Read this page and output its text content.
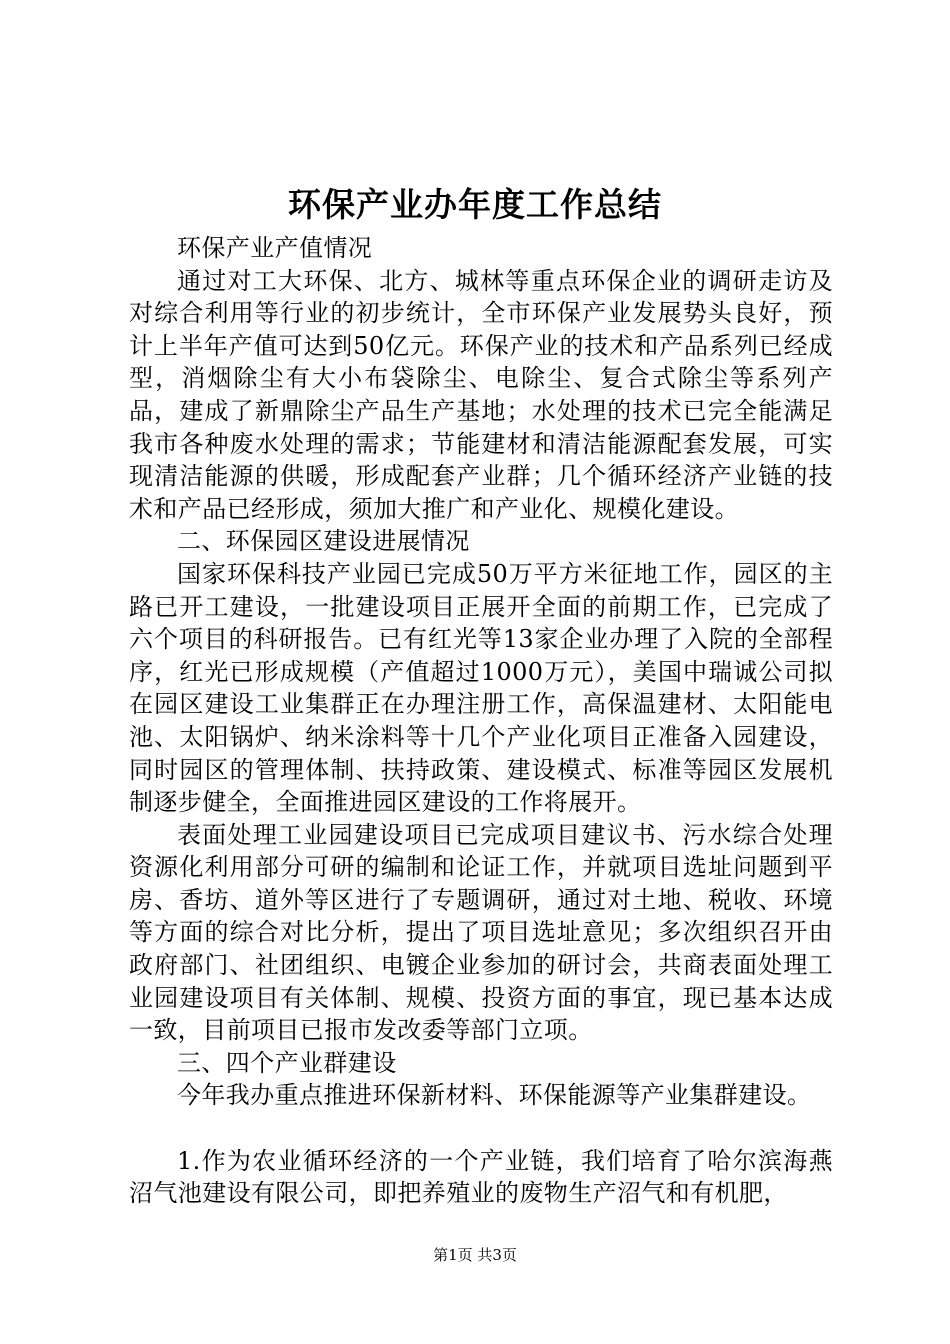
环保产业办年度工作总结

环保产业产值情况

通过对工大环保、北方、城林等重点环保企业的调研走访及对综合利用等行业的初步统计，全市环保产业发展势头良好，预计上半年产值可达到50亿元。环保产业的技术和产品系列已经成型，消烟除尘有大小布袋除尘、电除尘、复合式除尘等系列产品，建成了新鼎除尘产品生产基地；水处理的技术已完全能满足我市各种废水处理的需求；节能建材和清洁能源配套发展，可实现清洁能源的供暖，形成配套产业群；几个循环经济产业链的技术和产品已经形成，须加大推广和产业化、规模化建设。

二、环保园区建设进展情况

国家环保科技产业园已完成50万平方米征地工作，园区的主路已开工建设，一批建设项目正展开全面的前期工作，已完成了六个项目的科研报告。已有红光等13家企业办理了入院的全部程序，红光已形成规模（产值超过1000万元），美国中瑞诚公司拟在园区建设工业集群正在办理注册工作，高保温建材、太阳能电池、太阳锅炉、纳米涂料等十几个产业化项目正准备入园建设，同时园区的管理体制、扶持政策、建设模式、标准等园区发展机制逐步健全，全面推进园区建设的工作将展开。

表面处理工业园建设项目已完成项目建议书、污水综合处理资源化利用部分可研的编制和论证工作，并就项目选址问题到平房、香坊、道外等区进行了专题调研，通过对土地、税收、环境等方面的综合对比分析，提出了项目选址意见；多次组织召开由政府部门、社团组织、电镀企业参加的研讨会，共商表面处理工业园建设项目有关体制、规模、投资方面的事宜，现已基本达成一致，目前项目已报市发改委等部门立项。

三、四个产业群建设

今年我办重点推进环保新材料、环保能源等产业集群建设。

1.作为农业循环经济的一个产业链，我们培育了哈尔滨海燕沼气池建设有限公司，即把养殖业的废物生产沼气和有机肥，

第1页 共3页
